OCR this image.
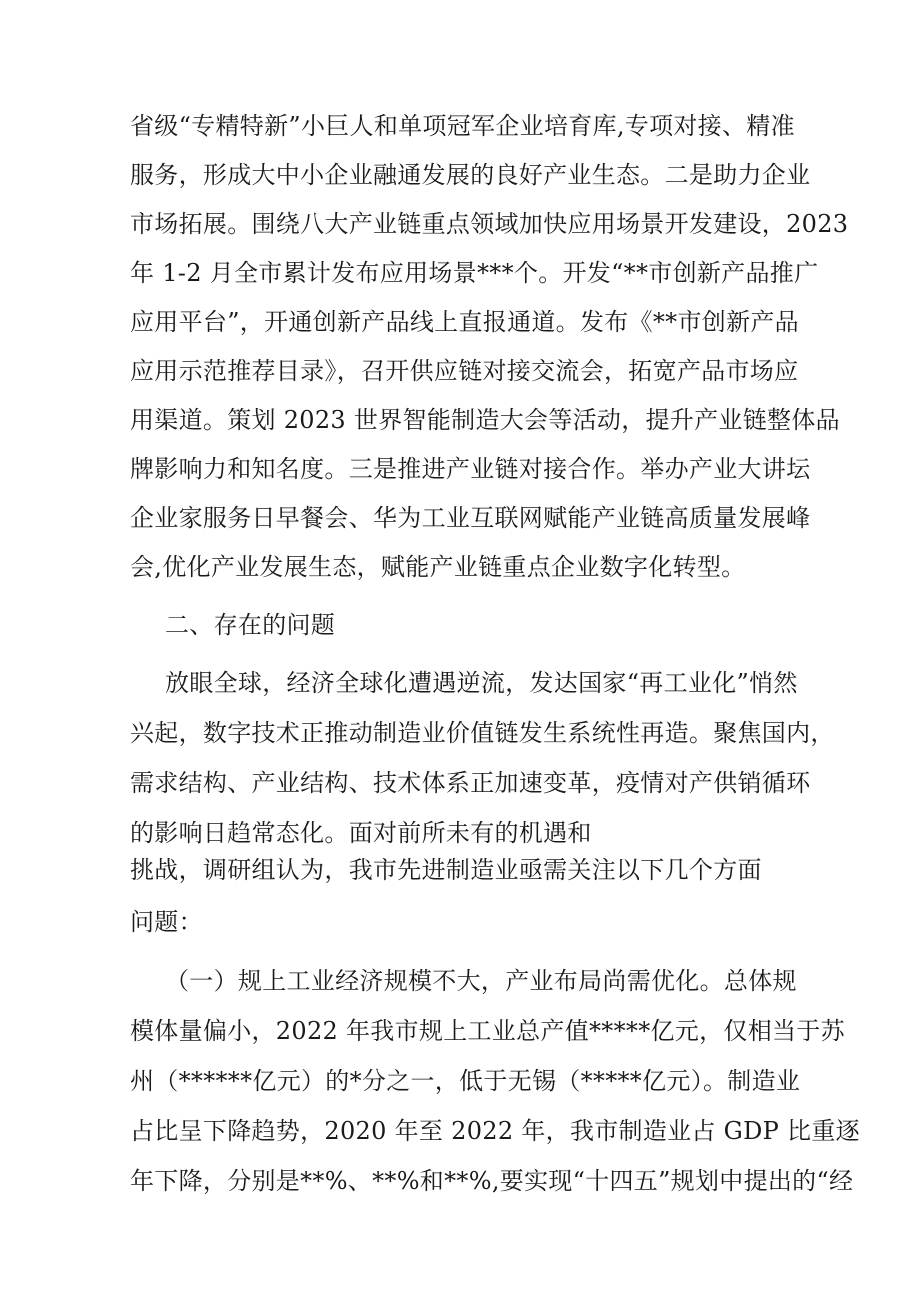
省级“专精特新”小巨人和单项冠军企业培育库,专项对接、精准
服务，形成大中小企业融通发展的良好产业生态。二是助力企业
市场拓展。围绕八大产业链重点领域加快应用场景开发建设，2023
年 1-2 月全市累计发布应用场景***个。开发“**市创新产品推广
应用平台”，开通创新产品线上直报通道。发布《**市创新产品
应用示范推荐目录》，召开供应链对接交流会，拓宽产品市场应
用渠道。策划 2023 世界智能制造大会等活动，提升产业链整体品
牌影响力和知名度。三是推进产业链对接合作。举办产业大讲坛
企业家服务日早餐会、华为工业互联网赋能产业链高质量发展峰
会,优化产业发展生态，赋能产业链重点企业数字化转型。
二、存在的问题
放眼全球，经济全球化遭遇逆流，发达国家“再工业化”悄然
兴起，数字技术正推动制造业价值链发生系统性再造。聚焦国内，
需求结构、产业结构、技术体系正加速变革，疫情对产供销循环
的影响日趋常态化。面对前所未有的机遇和
挑战，调研组认为，我市先进制造业亟需关注以下几个方面
问题：
（一）规上工业经济规模不大，产业布局尚需优化。总体规
模体量偏小，2022 年我市规上工业总产值*****亿元，仅相当于苏
州（******亿元）的*分之一，低于无锡（*****亿元）。制造业
占比呈下降趋势，2020 年至 2022 年，我市制造业占 GDP 比重逐
年下降，分别是**%、**%和**%,要实现“十四五”规划中提出的“经
